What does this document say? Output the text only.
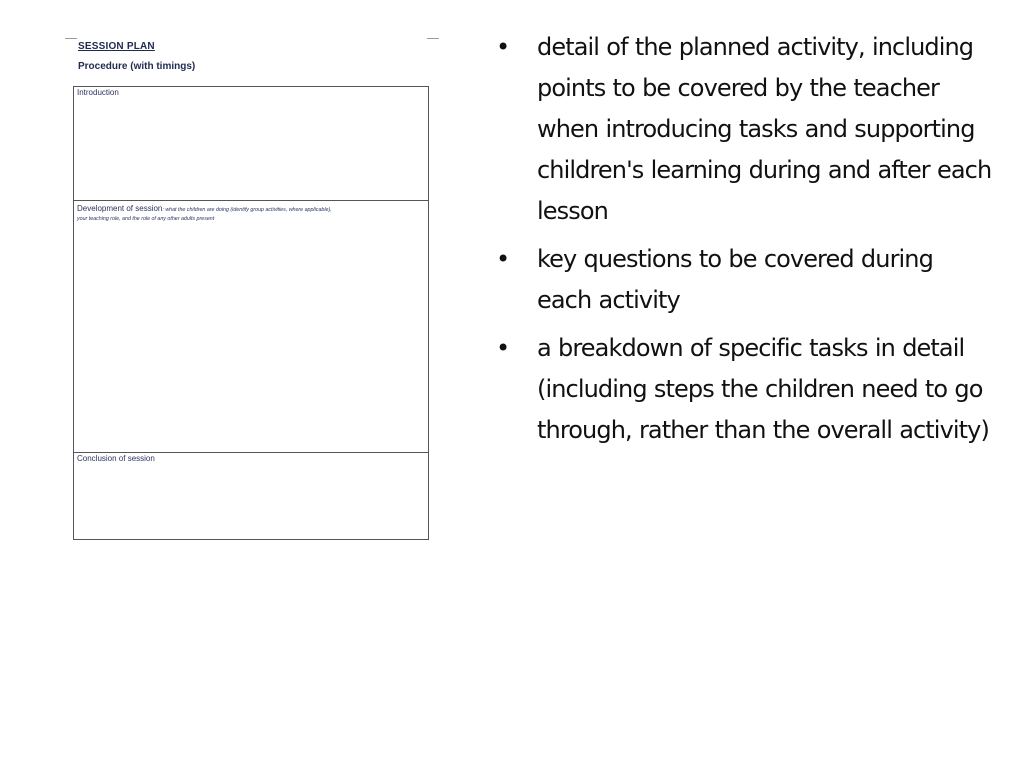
SESSION PLAN
Procedure (with timings)
Introduction
Development of session: what the children are doing (identify group activities, where applicable),
your teaching role, and the role of any other adults present
Conclusion of session
• detail of the planned activity, including points to be covered by the teacher when introducing tasks and supporting children's learning during and after each lesson
• key questions to be covered during each activity
• a breakdown of specific tasks in detail (including steps the children need to go through, rather than the overall activity)
